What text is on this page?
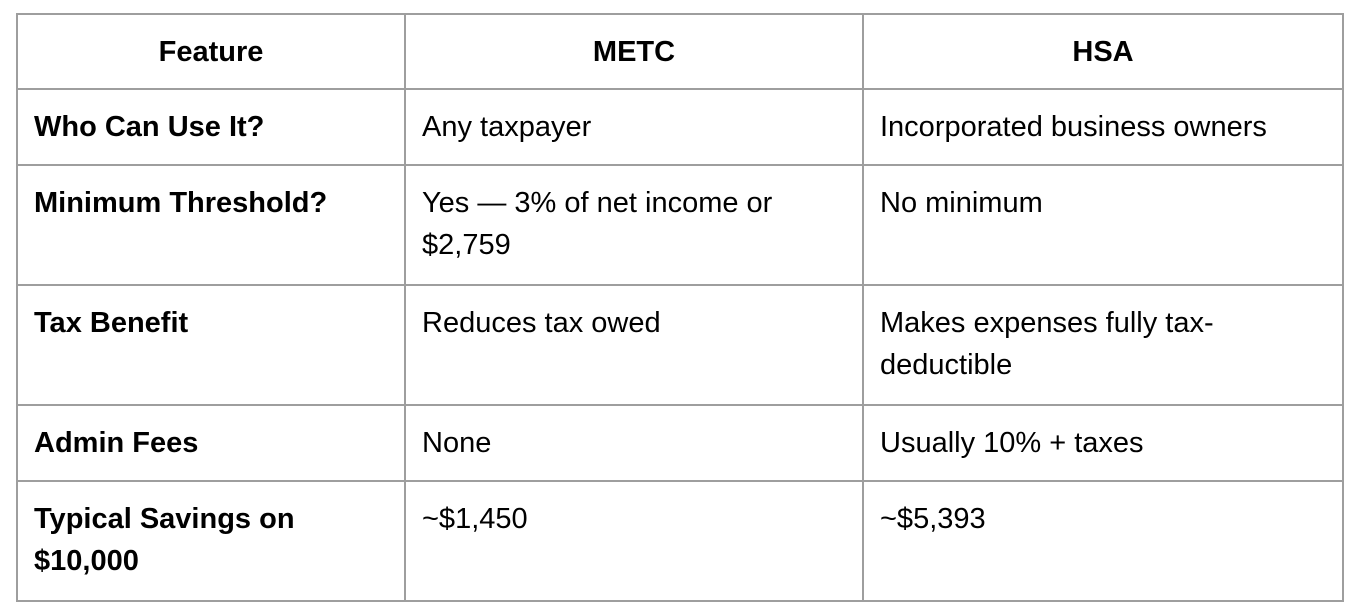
Feature	METC	HSA
Who Can Use It?	Any taxpayer	Incorporated business owners
Minimum Threshold?	Yes — 3% of net income or $2,759	No minimum
Tax Benefit	Reduces tax owed	Makes expenses fully tax-deductible
Admin Fees	None	Usually 10% + taxes
Typical Savings on $10,000	~$1,450	~$5,393
